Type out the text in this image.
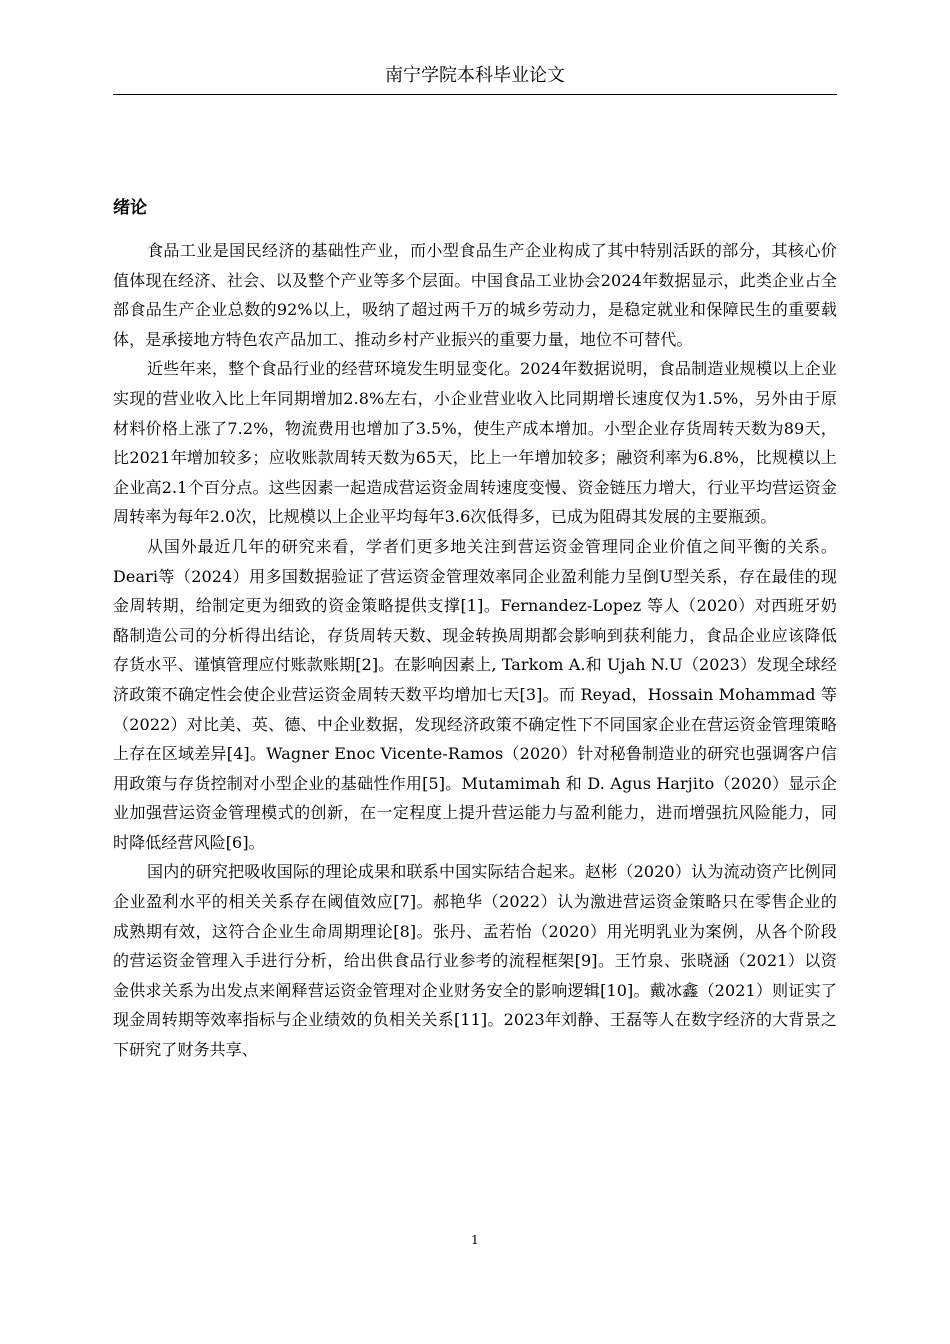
南宁学院本科毕业论文
绪论

食品工业是国民经济的基础性产业，而小型食品生产企业构成了其中特别活跃的部分，其核心价值体现在经济、社会、以及整个产业等多个层面。中国食品工业协会2024年数据显示，此类企业占全部食品生产企业总数的92%以上，吸纳了超过两千万的城乡劳动力，是稳定就业和保障民生的重要载体，是承接地方特色农产品加工、推动乡村产业振兴的重要力量，地位不可替代。

近些年来，整个食品行业的经营环境发生明显变化。2024年数据说明，食品制造业规模以上企业实现的营业收入比上年同期增加2.8%左右，小企业营业收入比同期增长速度仅为1.5%，另外由于原材料价格上涨了7.2%，物流费用也增加了3.5%，使生产成本增加。小型企业存货周转天数为89天，比2021年增加较多；应收账款周转天数为65天，比上一年增加较多；融资利率为6.8%，比规模以上企业高2.1个百分点。这些因素一起造成营运资金周转速度变慢、资金链压力增大，行业平均营运资金周转率为每年2.0次，比规模以上企业平均每年3.6次低得多，已成为阻碍其发展的主要瓶颈。

从国外最近几年的研究来看，学者们更多地关注到营运资金管理同企业价值之间平衡的关系。Deari等（2024）用多国数据验证了营运资金管理效率同企业盈利能力呈倒U型关系，存在最佳的现金周转期，给制定更为细致的资金策略提供支撑[1]。Fernandez-Lopez 等人（2020）对西班牙奶酪制造公司的分析得出结论，存货周转天数、现金转换周期都会影响到获利能力，食品企业应该降低存货水平、谨慎管理应付账款账期[2]。在影响因素上, Tarkom A.和 Ujah N.U（2023）发现全球经济政策不确定性会使企业营运资金周转天数平均增加七天[3]。而 Reyad，Hossain Mohammad 等（2022）对比美、英、德、中企业数据，发现经济政策不确定性下不同国家企业在营运资金管理策略上存在区域差异[4]。Wagner Enoc Vicente-Ramos（2020）针对秘鲁制造业的研究也强调客户信用政策与存货控制对小型企业的基础性作用[5]。Mutamimah 和 D. Agus Harjito（2020）显示企业加强营运资金管理模式的创新，在一定程度上提升营运能力与盈利能力，进而增强抗风险能力，同时降低经营风险[6]。

国内的研究把吸收国际的理论成果和联系中国实际结合起来。赵彬（2020）认为流动资产比例同企业盈利水平的相关关系存在阈值效应[7]。郝艳华（2022）认为激进营运资金策略只在零售企业的成熟期有效，这符合企业生命周期理论[8]。张丹、孟若怡（2020）用光明乳业为案例，从各个阶段的营运资金管理入手进行分析，给出供食品行业参考的流程框架[9]。王竹泉、张晓涵（2021）以资金供求关系为出发点来阐释营运资金管理对企业财务安全的影响逻辑[10]。戴冰鑫（2021）则证实了现金周转期等效率指标与企业绩效的负相关关系[11]。2023年刘静、王磊等人在数字经济的大背景之下研究了财务共享、

1
